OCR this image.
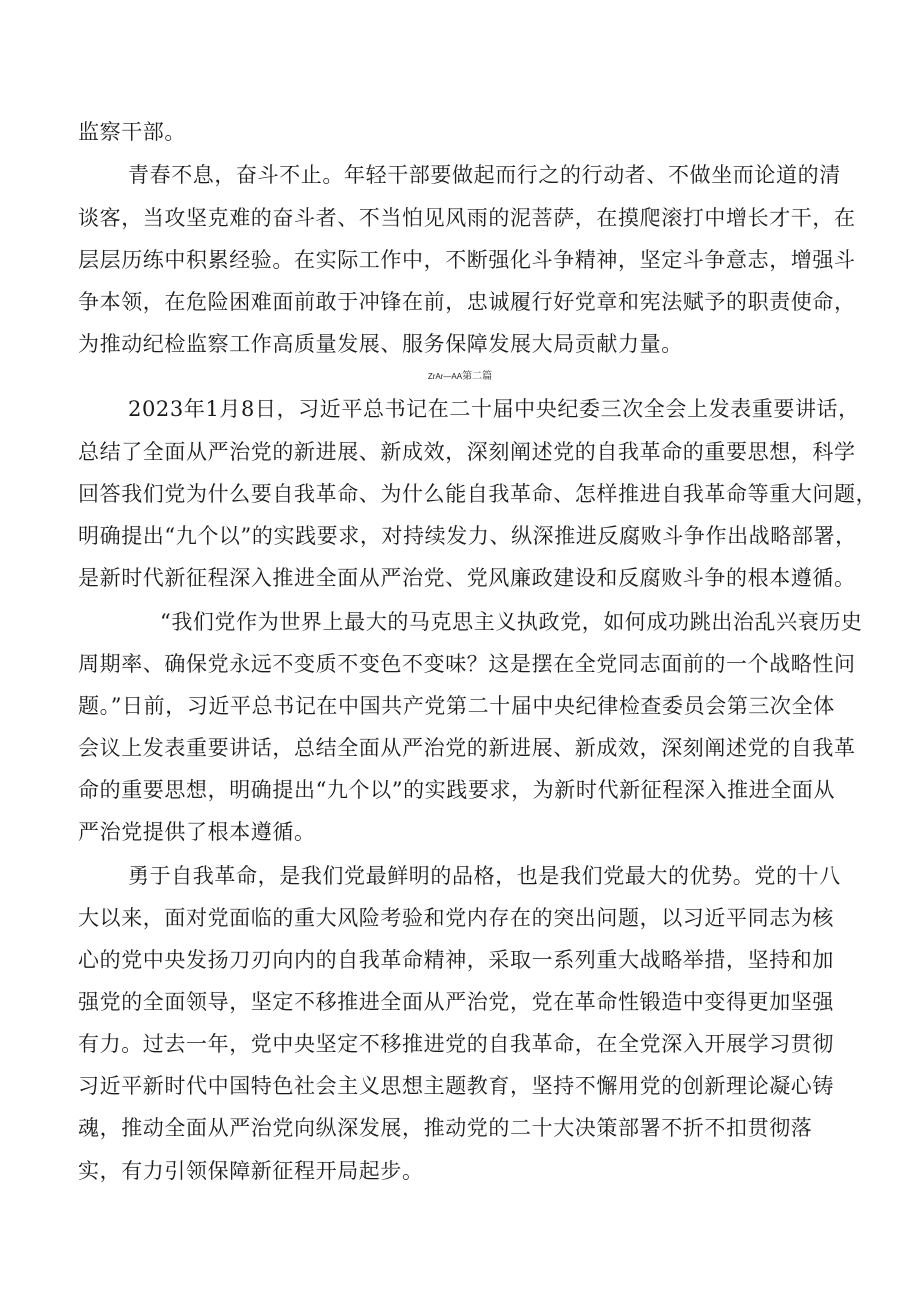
监察干部。
青春不息，奋斗不止。年轻干部要做起而行之的行动者、不做坐而论道的清
谈客，当攻坚克难的奋斗者、不当怕见风雨的泥菩萨，在摸爬滚打中增长才干，在
层层历练中积累经验。在实际工作中，不断强化斗争精神，坚定斗争意志，增强斗
争本领，在危险困难面前敢于冲锋在前，忠诚履行好党章和宪法赋予的职责使命，
为推动纪检监察工作高质量发展、服务保障发展大局贡献力量。
ZrAr—AA第二篇
2023年1月8日，习近平总书记在二十届中央纪委三次全会上发表重要讲话，
总结了全面从严治党的新进展、新成效，深刻阐述党的自我革命的重要思想，科学
回答我们党为什么要自我革命、为什么能自我革命、怎样推进自我革命等重大问题，
明确提出“九个以”的实践要求，对持续发力、纵深推进反腐败斗争作出战略部署，
是新时代新征程深入推进全面从严治党、党风廉政建设和反腐败斗争的根本遵循。
“我们党作为世界上最大的马克思主义执政党，如何成功跳出治乱兴衰历史
周期率、确保党永远不变质不变色不变味？这是摆在全党同志面前的一个战略性问
题。”日前，习近平总书记在中国共产党第二十届中央纪律检查委员会第三次全体
会议上发表重要讲话，总结全面从严治党的新进展、新成效，深刻阐述党的自我革
命的重要思想，明确提出“九个以”的实践要求，为新时代新征程深入推进全面从
严治党提供了根本遵循。
勇于自我革命，是我们党最鲜明的品格，也是我们党最大的优势。党的十八
大以来，面对党面临的重大风险考验和党内存在的突出问题，以习近平同志为核
心的党中央发扬刀刃向内的自我革命精神，采取一系列重大战略举措，坚持和加
强党的全面领导，坚定不移推进全面从严治党，党在革命性锻造中变得更加坚强
有力。过去一年，党中央坚定不移推进党的自我革命，在全党深入开展学习贯彻
习近平新时代中国特色社会主义思想主题教育，坚持不懈用党的创新理论凝心铸
魂，推动全面从严治党向纵深发展，推动党的二十大决策部署不折不扣贯彻落
实，有力引领保障新征程开局起步。
